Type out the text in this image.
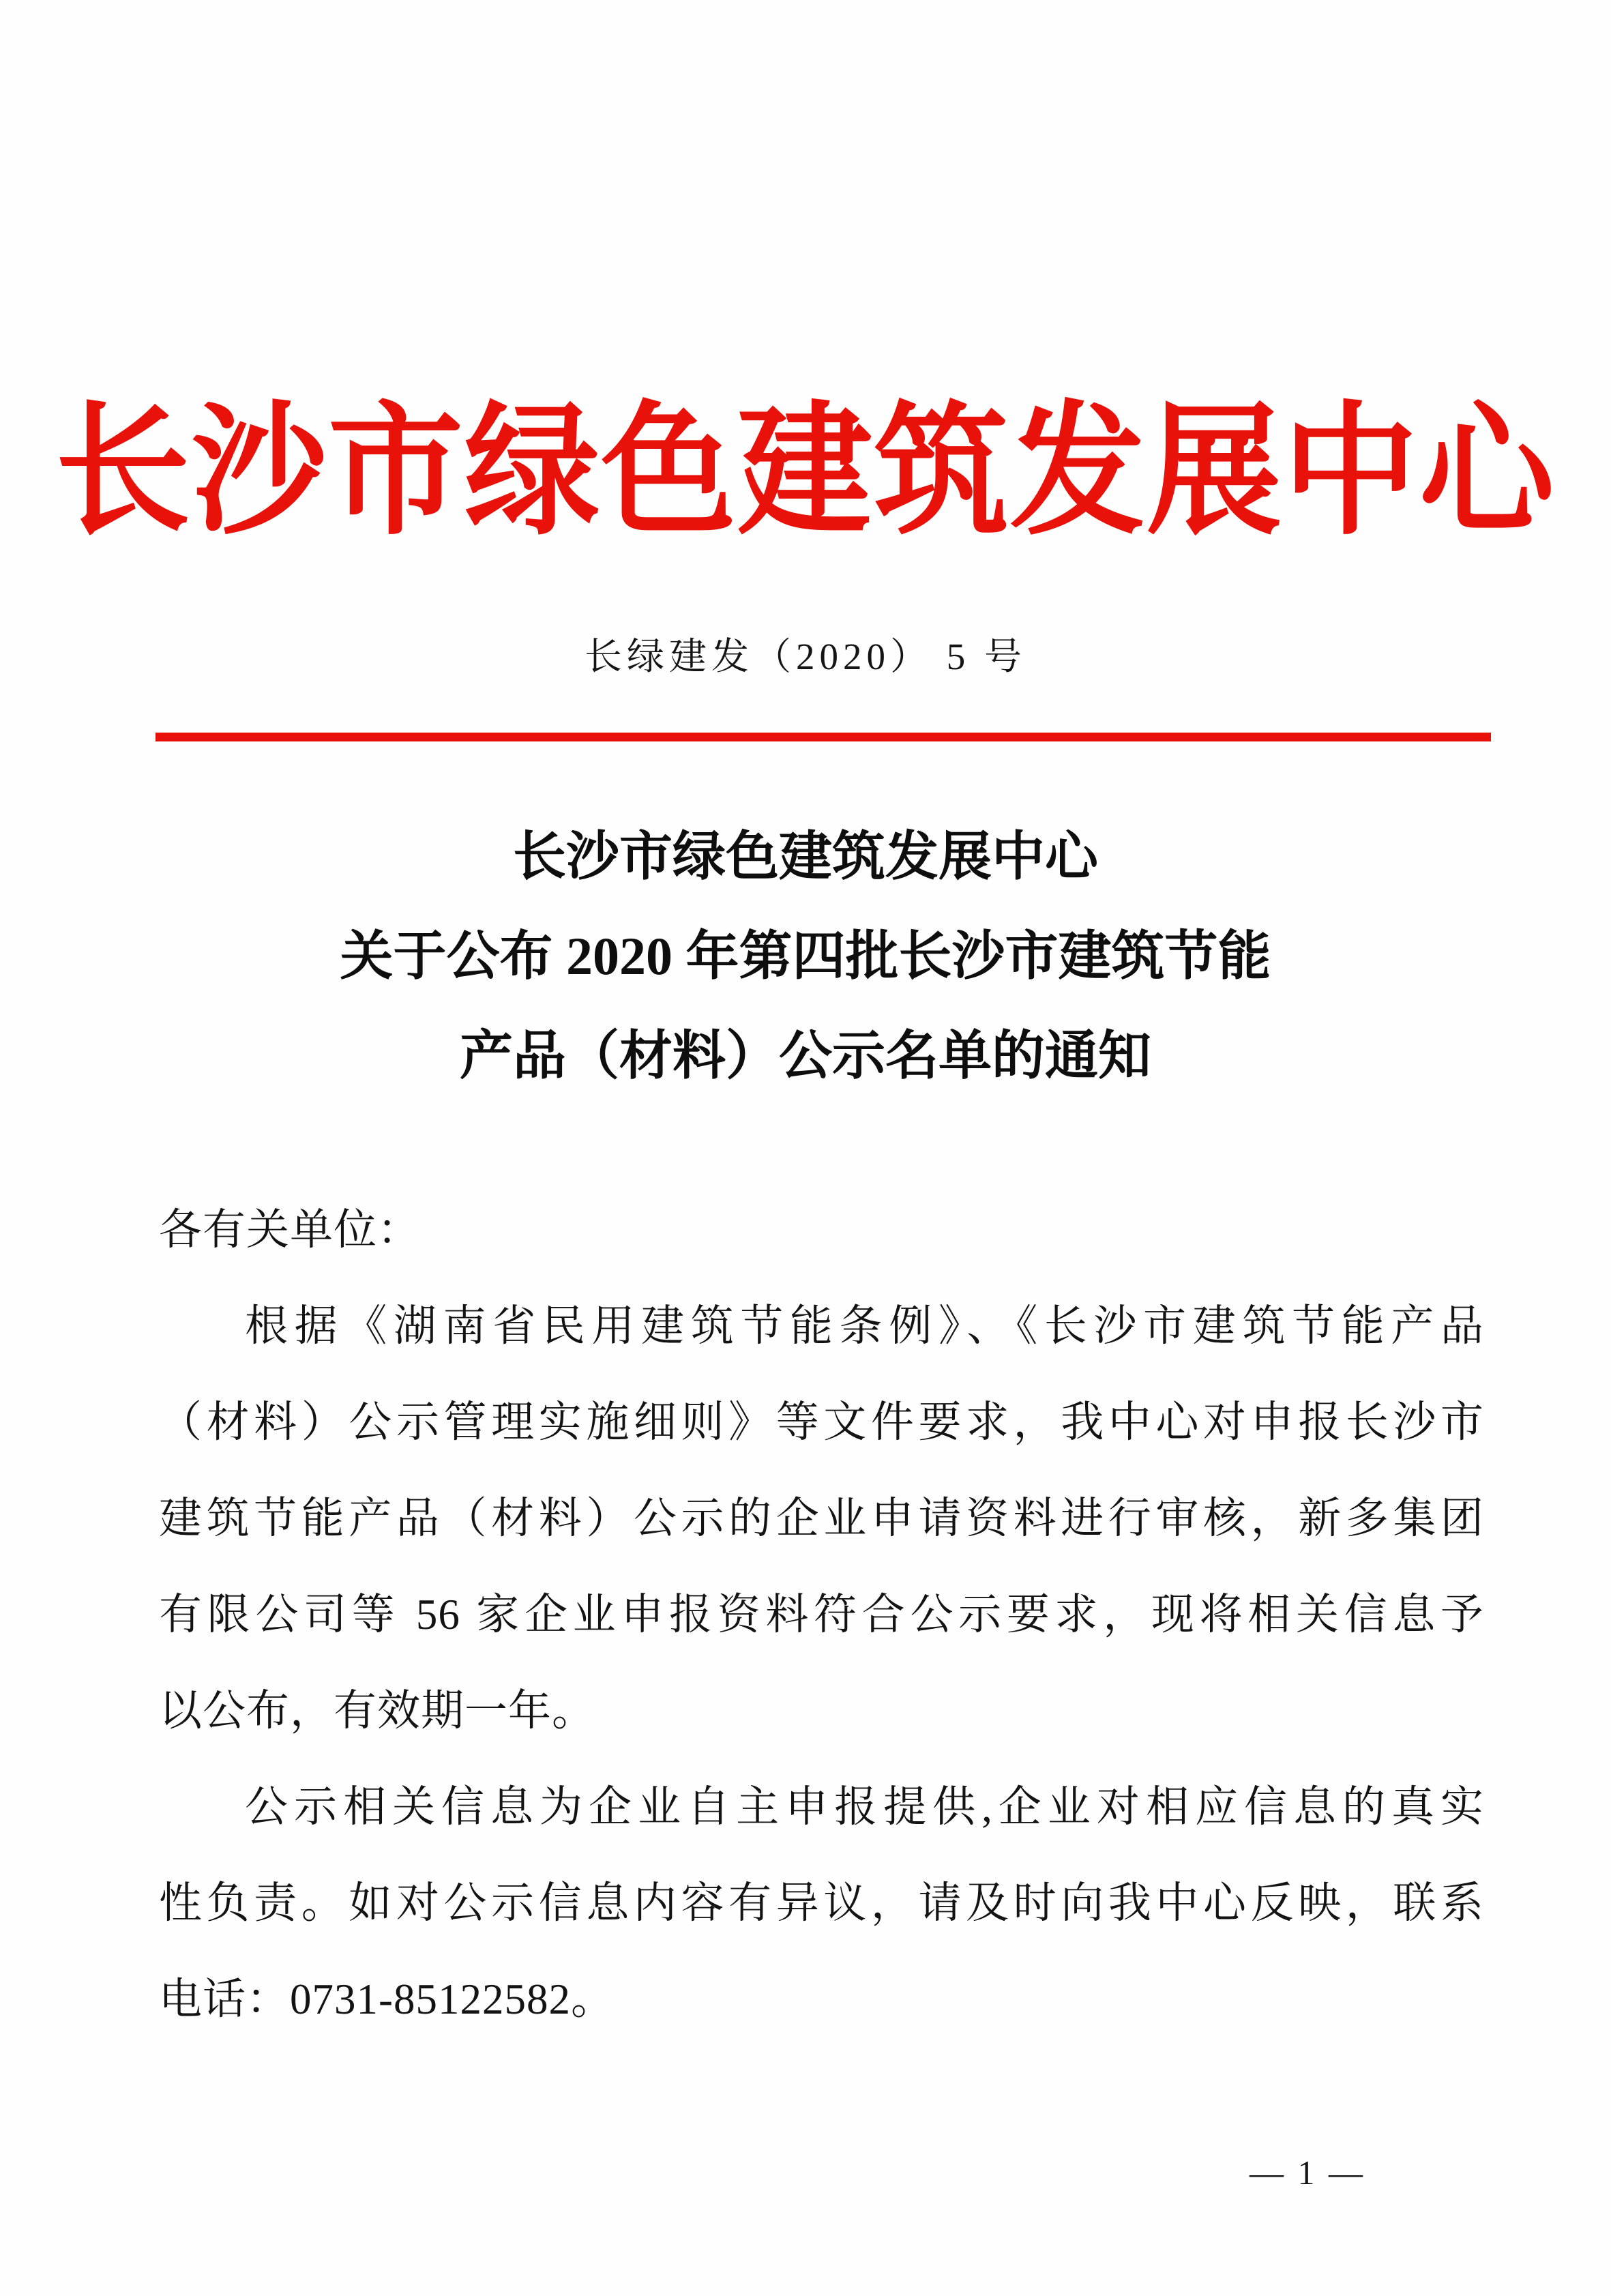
长沙市绿色建筑发展中心
长绿建发（2020） 5 号
长沙市绿色建筑发展中心
关于公布 2020 年第四批长沙市建筑节能
产品（材料）公示名单的通知
各有关单位：
根据《湖南省民用建筑节能条例》、《长沙市建筑节能产品
（材料）公示管理实施细则》等文件要求，我中心对申报长沙市
建筑节能产品（材料）公示的企业申请资料进行审核，新多集团
有限公司等 56 家企业申报资料符合公示要求，现将相关信息予
以公布，有效期一年。
公示相关信息为企业自主申报提供,企业对相应信息的真实
性负责。如对公示信息内容有异议，请及时向我中心反映，联系
电话：0731-85122582。
— 1 —
